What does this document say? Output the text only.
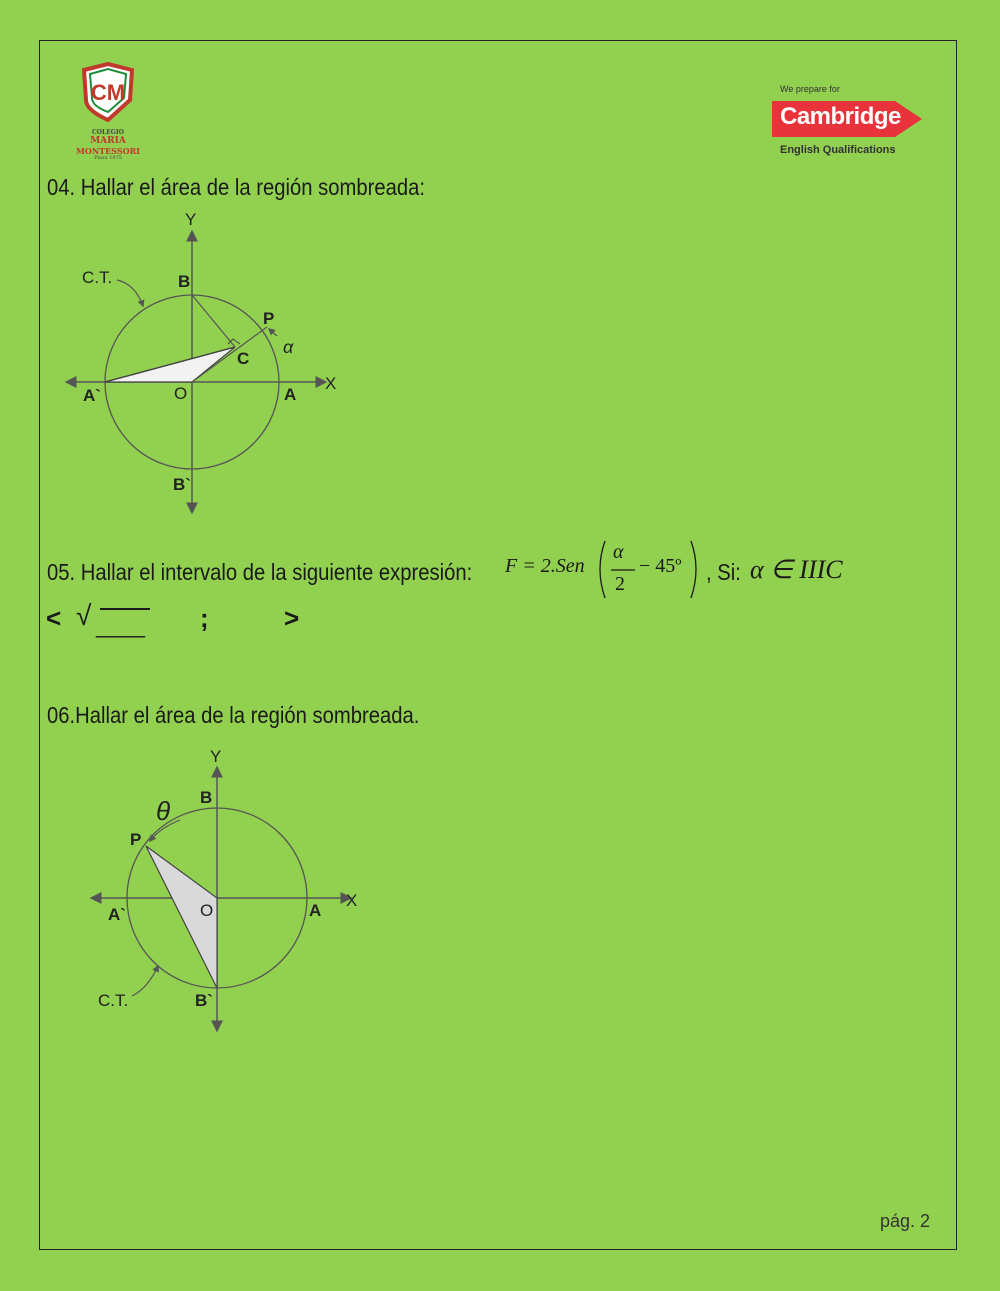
CM
COLEGIO
MARIA
MONTESSORI
Piura 1975
We prepare for
Cambridge
English Qualifications
04. Hallar el área de la región sombreada:
Y
X
C.T.	B
P
C
α
A`	O	A
B`
05. Hallar el intervalo de la siguiente expresión: F = 2.Sen
α
2
− 45º , Si: α ∈ IIIC
< √ ____ ;	>
06.Hallar el área de la región sombreada.
Y
X
θ B
P
A`	O	A
C.T.	B`
pág. 2
